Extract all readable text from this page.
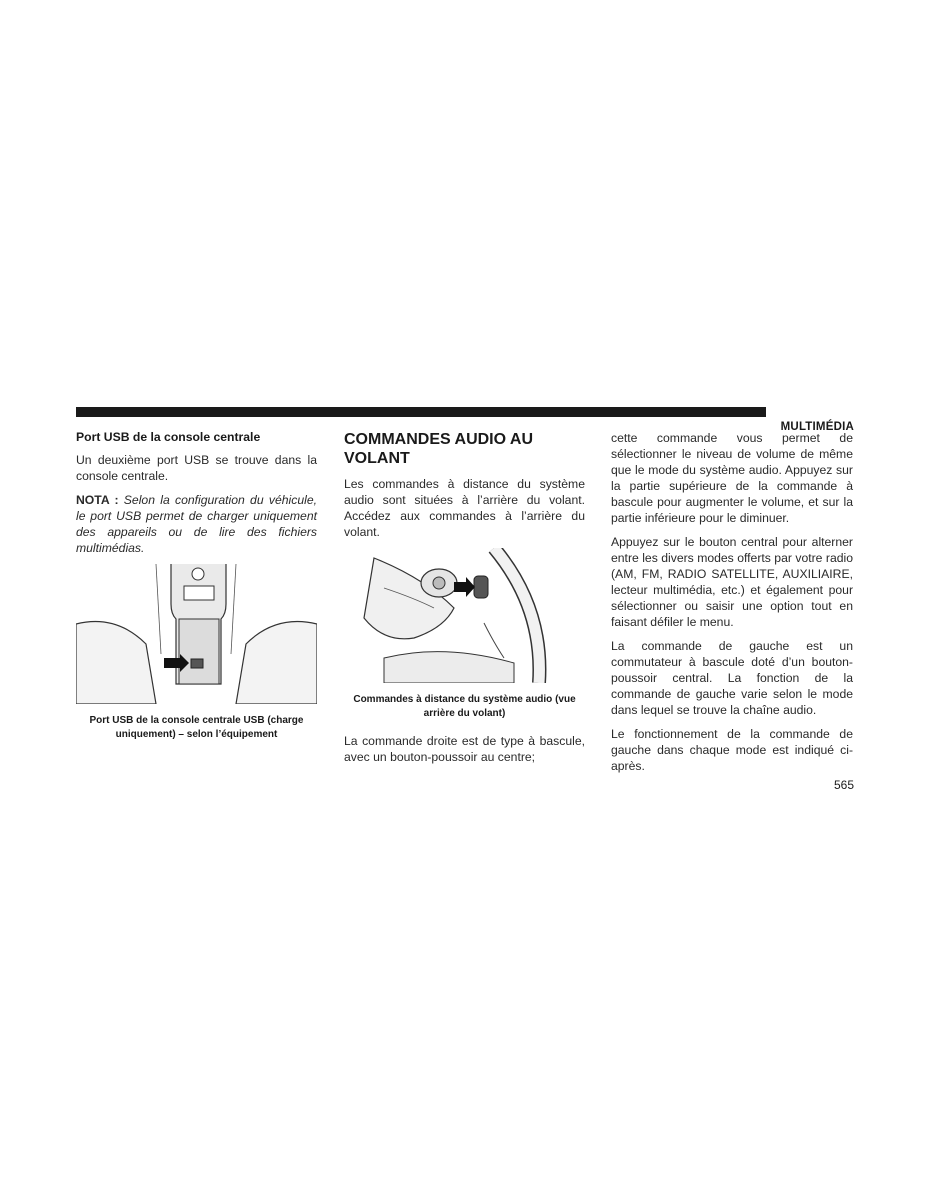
MULTIMÉDIA
Port USB de la console centrale

Un deuxième port USB se trouve dans la console centrale.

NOTA : Selon la configuration du véhicule, le port USB permet de charger uniquement des appareils ou de lire des fichiers multimédias.

Port USB de la console centrale USB (charge uniquement) – selon l’équipement
COMMANDES AUDIO AU VOLANT

Les commandes à distance du système audio sont situées à l’arrière du volant. Accédez aux commandes à l’arrière du volant.

Commandes à distance du système audio (vue arrière du volant)

La commande droite est de type à bascule, avec un bouton-poussoir au centre;

cette commande vous permet de sélectionner le niveau de volume de même que le mode du système audio. Appuyez sur la partie supérieure de la commande à bascule pour augmenter le volume, et sur la partie inférieure pour le diminuer.

Appuyez sur le bouton central pour alterner entre les divers modes offerts par votre radio (AM, FM, RADIO SATELLITE, AUXILIAIRE, lecteur multimédia, etc.) et également pour sélectionner ou saisir une option tout en faisant défiler le menu.

La commande de gauche est un commutateur à bascule doté d’un bouton-poussoir central. La fonction de la commande de gauche varie selon le mode dans lequel se trouve la chaîne audio.

Le fonctionnement de la commande de gauche dans chaque mode est indiqué ci-après.

565
